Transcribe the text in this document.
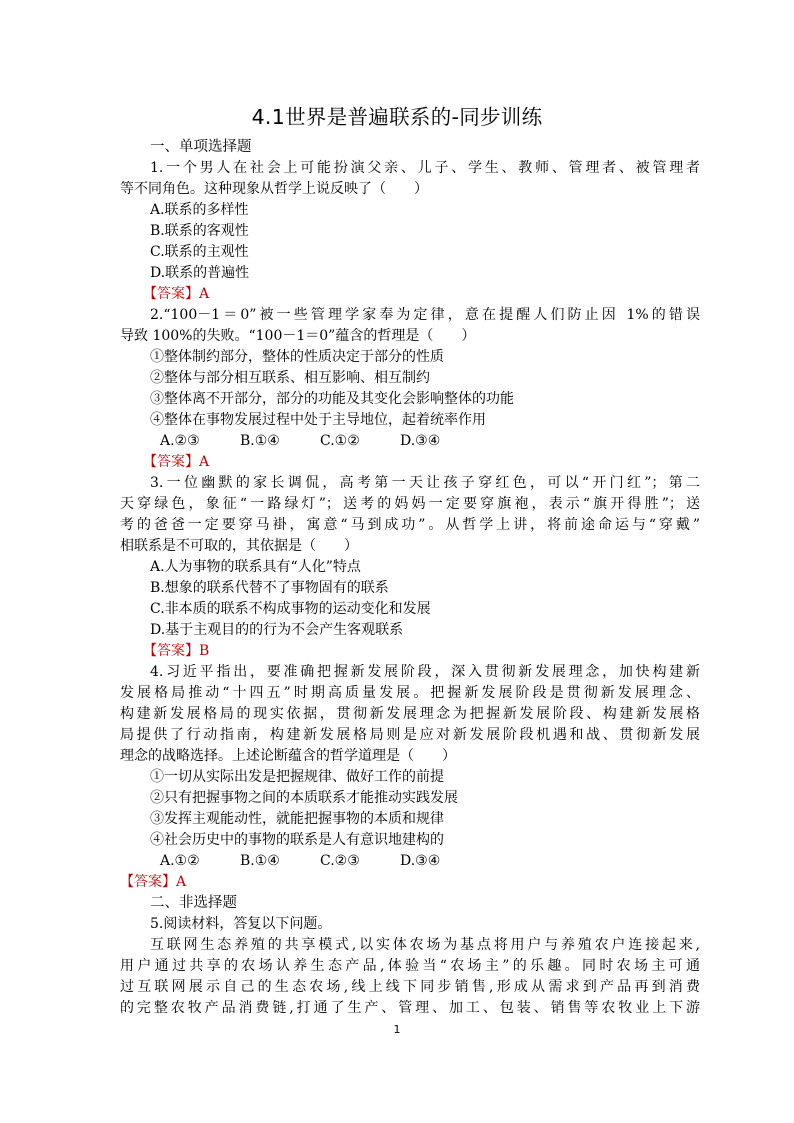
4.1世界是普遍联系的-同步训练
一、单项选择题
1.一个男人在社会上可能扮演父亲、儿子、学生、教师、管理者、被管理者
等不同角色。这种现象从哲学上说反映了（　　）
A.联系的多样性
B.联系的客观性
C.联系的主观性
D.联系的普遍性
【答案】A
2.“100－1＝0”被一些管理学家奉为定律，意在提醒人们防止因 1%的错误
导致 100%的失败。“100－1＝0”蕴含的哲理是（　　）
①整体制约部分，整体的性质决定于部分的性质
②整体与部分相互联系、相互影响、相互制约
③整体离不开部分，部分的功能及其变化会影响整体的功能
④整体在事物发展过程中处于主导地位，起着统率作用
A.②③	B.①④	C.①②	D.③④
【答案】A
3.一位幽默的家长调侃，高考第一天让孩子穿红色，可以“开门红”；第二
天穿绿色，象征“一路绿灯”；送考的妈妈一定要穿旗袍，表示“旗开得胜”；送
考的爸爸一定要穿马褂，寓意“马到成功”。从哲学上讲，将前途命运与“穿戴”
相联系是不可取的，其依据是（　　）
A.人为事物的联系具有“人化”特点
B.想象的联系代替不了事物固有的联系
C.非本质的联系不构成事物的运动变化和发展
D.基于主观目的的行为不会产生客观联系
【答案】B
4.习近平指出，要准确把握新发展阶段，深入贯彻新发展理念，加快构建新
发展格局推动“十四五”时期高质量发展。把握新发展阶段是贯彻新发展理念、
构建新发展格局的现实依据，贯彻新发展理念为把握新发展阶段、构建新发展格
局提供了行动指南，构建新发展格局则是应对新发展阶段机遇和战、贯彻新发展
理念的战略选择。上述论断蕴含的哲学道理是（　　）
①一切从实际出发是把握规律、做好工作的前提
②只有把握事物之间的本质联系才能推动实践发展
③发挥主观能动性，就能把握事物的本质和规律
④社会历史中的事物的联系是人有意识地建构的
A.①②	B.①④	C.②③	D.③④
【答案】A
二、非选择题
5.阅读材料，答复以下问题。
互联网生态养殖的共享模式,以实体农场为基点将用户与养殖农户连接起来,
用户通过共享的农场认养生态产品,体验当“农场主”的乐趣。同时农场主可通
过互联网展示自己的生态农场,线上线下同步销售,形成从需求到产品再到消费
的完整农牧产品消费链,打通了生产、管理、加工、包装、销售等农牧业上下游
1
